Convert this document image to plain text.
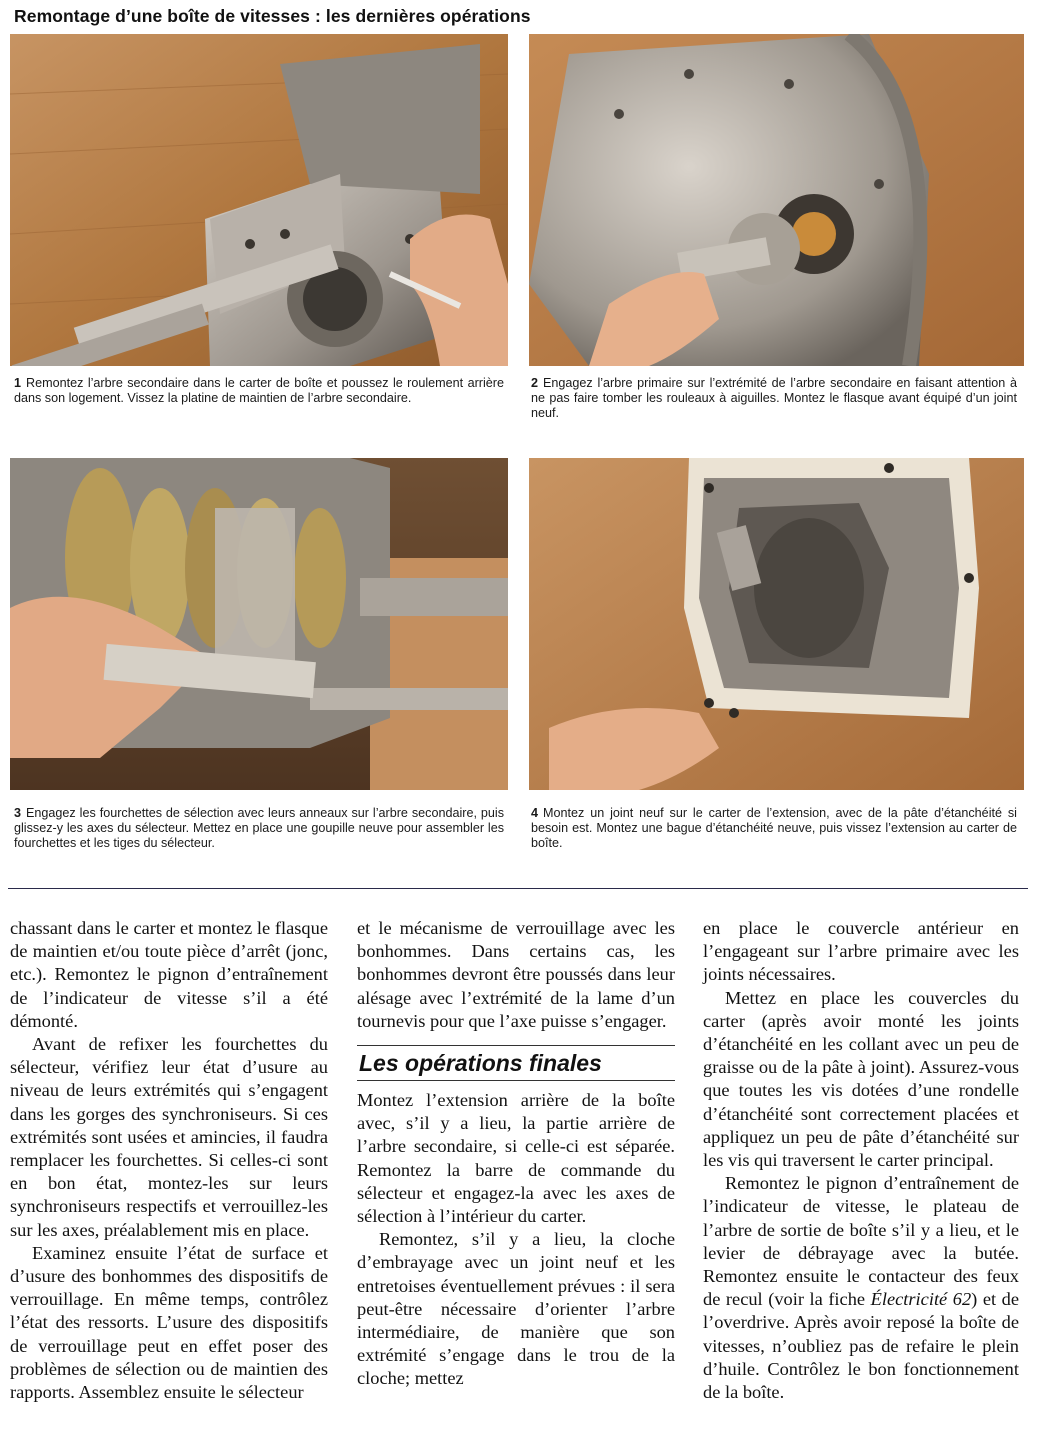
Remontage d’une boîte de vitesses : les dernières opérations
1 Remontez l’arbre secondaire dans le carter de boîte et poussez le roulement arrière dans son logement. Vissez la platine de maintien de l’arbre secondaire.
2 Engagez l’arbre primaire sur l’extrémité de l’arbre secondaire en faisant attention à ne pas faire tomber les rouleaux à aiguilles. Montez le flasque avant équipé d’un joint neuf.
3 Engagez les fourchettes de sélection avec leurs anneaux sur l’arbre secondaire, puis glissez-y les axes du sélecteur. Mettez en place une goupille neuve pour assembler les fourchettes et les tiges du sélecteur.
4 Montez un joint neuf sur le carter de l’extension, avec de la pâte d’étanchéité si besoin est. Montez une bague d’étanchéité neuve, puis vissez l’extension au carter de boîte.

chassant dans le carter et montez le flasque de maintien et/ou toute pièce d’arrêt (jonc, etc.). Remontez le pignon d’entraînement de l’indicateur de vitesse s’il a été démonté.

Avant de refixer les fourchettes du sélecteur, vérifiez leur état d’usure au niveau de leurs extrémités qui s’engagent dans les gorges des synchroniseurs. Si ces extrémités sont usées et amincies, il faudra remplacer les fourchettes. Si celles-ci sont en bon état, montez-les sur leurs synchroniseurs respectifs et verrouillez-les sur les axes, préalablement mis en place.

Examinez ensuite l’état de surface et d’usure des bonhommes des dispositifs de verrouillage. En même temps, contrôlez l’état des ressorts. L’usure des dispositifs de verrouillage peut en effet poser des problèmes de sélection ou de maintien des rapports. Assemblez ensuite le sélecteur

et le mécanisme de verrouillage avec les bonhommes. Dans certains cas, les bonhommes devront être poussés dans leur alésage avec l’extrémité de la lame d’un tournevis pour que l’axe puisse s’engager.

Les opérations finales

Montez l’extension arrière de la boîte avec, s’il y a lieu, la partie arrière de l’arbre secondaire, si celle-ci est séparée. Remontez la barre de commande du sélecteur et engagez-la avec les axes de sélection à l’intérieur du carter.

Remontez, s’il y a lieu, la cloche d’embrayage avec un joint neuf et les entretoises éventuellement prévues : il sera peut-être nécessaire d’orienter l’arbre intermédiaire, de manière que son extrémité s’engage dans le trou de la cloche; mettez

en place le couvercle antérieur en l’engageant sur l’arbre primaire avec les joints nécessaires.

Mettez en place les couvercles du carter (après avoir monté les joints d’étanchéité en les collant avec un peu de graisse ou de la pâte à joint). Assurez-vous que toutes les vis dotées d’une rondelle d’étanchéité sont correctement placées et appliquez un peu de pâte d’étanchéité sur les vis qui traversent le carter principal.

Remontez le pignon d’entraînement de l’indicateur de vitesse, le plateau de l’arbre de sortie de boîte s’il y a lieu, et le levier de débrayage avec la butée. Remontez ensuite le contacteur des feux de recul (voir la fiche Électricité 62) et de l’overdrive. Après avoir reposé la boîte de vitesses, n’oubliez pas de refaire le plein d’huile. Contrôlez le bon fonctionnement de la boîte.
